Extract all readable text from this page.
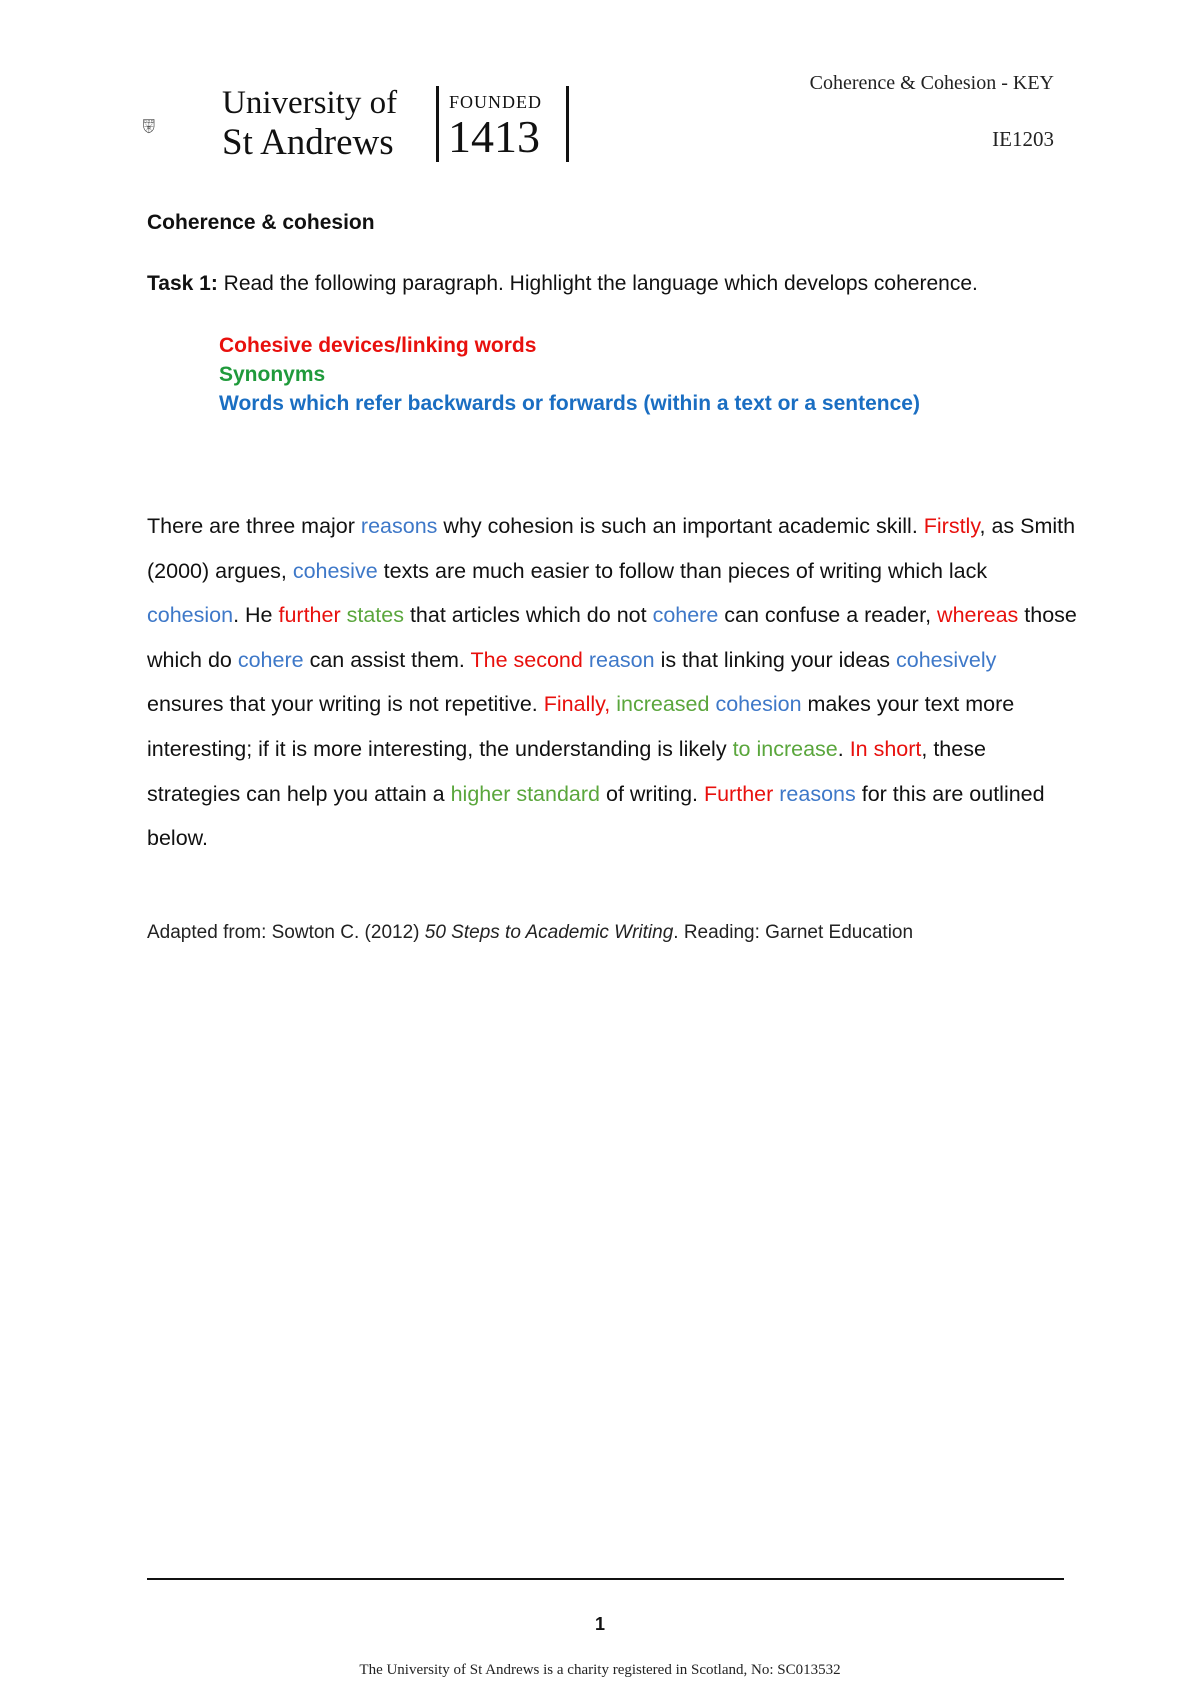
University of
St Andrews
FOUNDED
1413
Coherence & Cohesion - KEY
IE1203
Coherence & cohesion
Task 1: Read the following paragraph. Highlight the language which develops coherence.
Cohesive devices/linking words
Synonyms
Words which refer backwards or forwards (within a text or a sentence)
There are three major reasons why cohesion is such an important academic skill. Firstly, as Smith (2000) argues, cohesive texts are much easier to follow than pieces of writing which lack cohesion. He further states that articles which do not cohere can confuse a reader, whereas those which do cohere can assist them. The second reason is that linking your ideas cohesively ensures that your writing is not repetitive. Finally, increased cohesion makes your text more interesting; if it is more interesting, the understanding is likely to increase. In short, these strategies can help you attain a higher standard of writing. Further reasons for this are outlined below.
Adapted from: Sowton C. (2012) 50 Steps to Academic Writing. Reading: Garnet Education
1
The University of St Andrews is a charity registered in Scotland, No: SC013532
